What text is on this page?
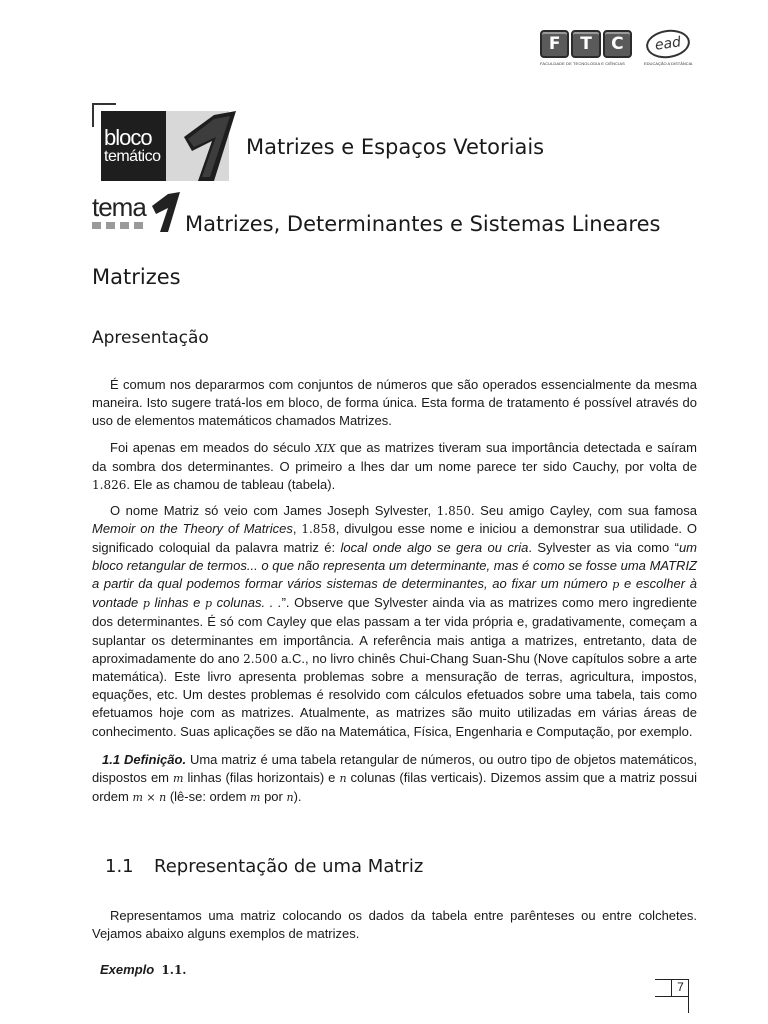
F	T	C
FACULDADE DE TECNOLOGIA E CIÊNCIAS
ead
EDUCAÇÃO A DISTÂNCIA
bloco
temático	Matrizes e Espaços Vetoriais
tema
Matrizes, Determinantes e Sistemas Lineares
Matrizes
Apresentação

É comum nos depararmos com conjuntos de números que são operados essencialmente da mesma maneira. Isto sugere tratá-los em bloco, de forma única. Esta forma de tratamento é possível através do uso de elementos matemáticos chamados Matrizes.

Foi apenas em meados do século XIX que as matrizes tiveram sua importância detectada e saíram da sombra dos determinantes. O primeiro a lhes dar um nome parece ter sido Cauchy, por volta de 1.826. Ele as chamou de tableau (tabela).

O nome Matriz só veio com James Joseph Sylvester, 1.850. Seu amigo Cayley, com sua famosa Memoir on the Theory of Matrices, 1.858, divulgou esse nome e iniciou a demonstrar sua utilidade. O significado coloquial da palavra matriz é: local onde algo se gera ou cria. Sylvester as via como “um bloco retangular de termos... o que não representa um determinante, mas é como se fosse uma MATRIZ a partir da qual podemos formar vários sistemas de determinantes, ao fixar um número p e escolher à vontade p linhas e p colunas. . .”. Observe que Sylvester ainda via as matrizes como mero ingrediente dos determinantes. É só com Cayley que elas passam a ter vida própria e, gradativamente, começam a suplantar os determinantes em importância. A referência mais antiga a matrizes, entretanto, data de aproximadamente do ano 2.500 a.C., no livro chinês Chui-Chang Suan-Shu (Nove capítulos sobre a arte matemática). Este livro apresenta problemas sobre a mensuração de terras, agricultura, impostos, equações, etc. Um destes problemas é resolvido com cálculos efetuados sobre uma tabela, tais como efetuamos hoje com as matrizes. Atualmente, as matrizes são muito utilizadas em várias áreas de conhecimento. Suas aplicações se dão na Matemática, Física, Engenharia e Computação, por exemplo.

1.1 Definição. Uma matriz é uma tabela retangular de números, ou outro tipo de objetos matemáticos, dispostos em m linhas (filas horizontais) e n colunas (filas verticais). Dizemos assim que a matriz possui ordem m × n (lê-se: ordem m por n).
1.1 Representação de uma Matriz

Representamos uma matriz colocando os dados da tabela entre parênteses ou entre colchetes. Vejamos abaixo alguns exemplos de matrizes.

Exemplo 1.1.
7
